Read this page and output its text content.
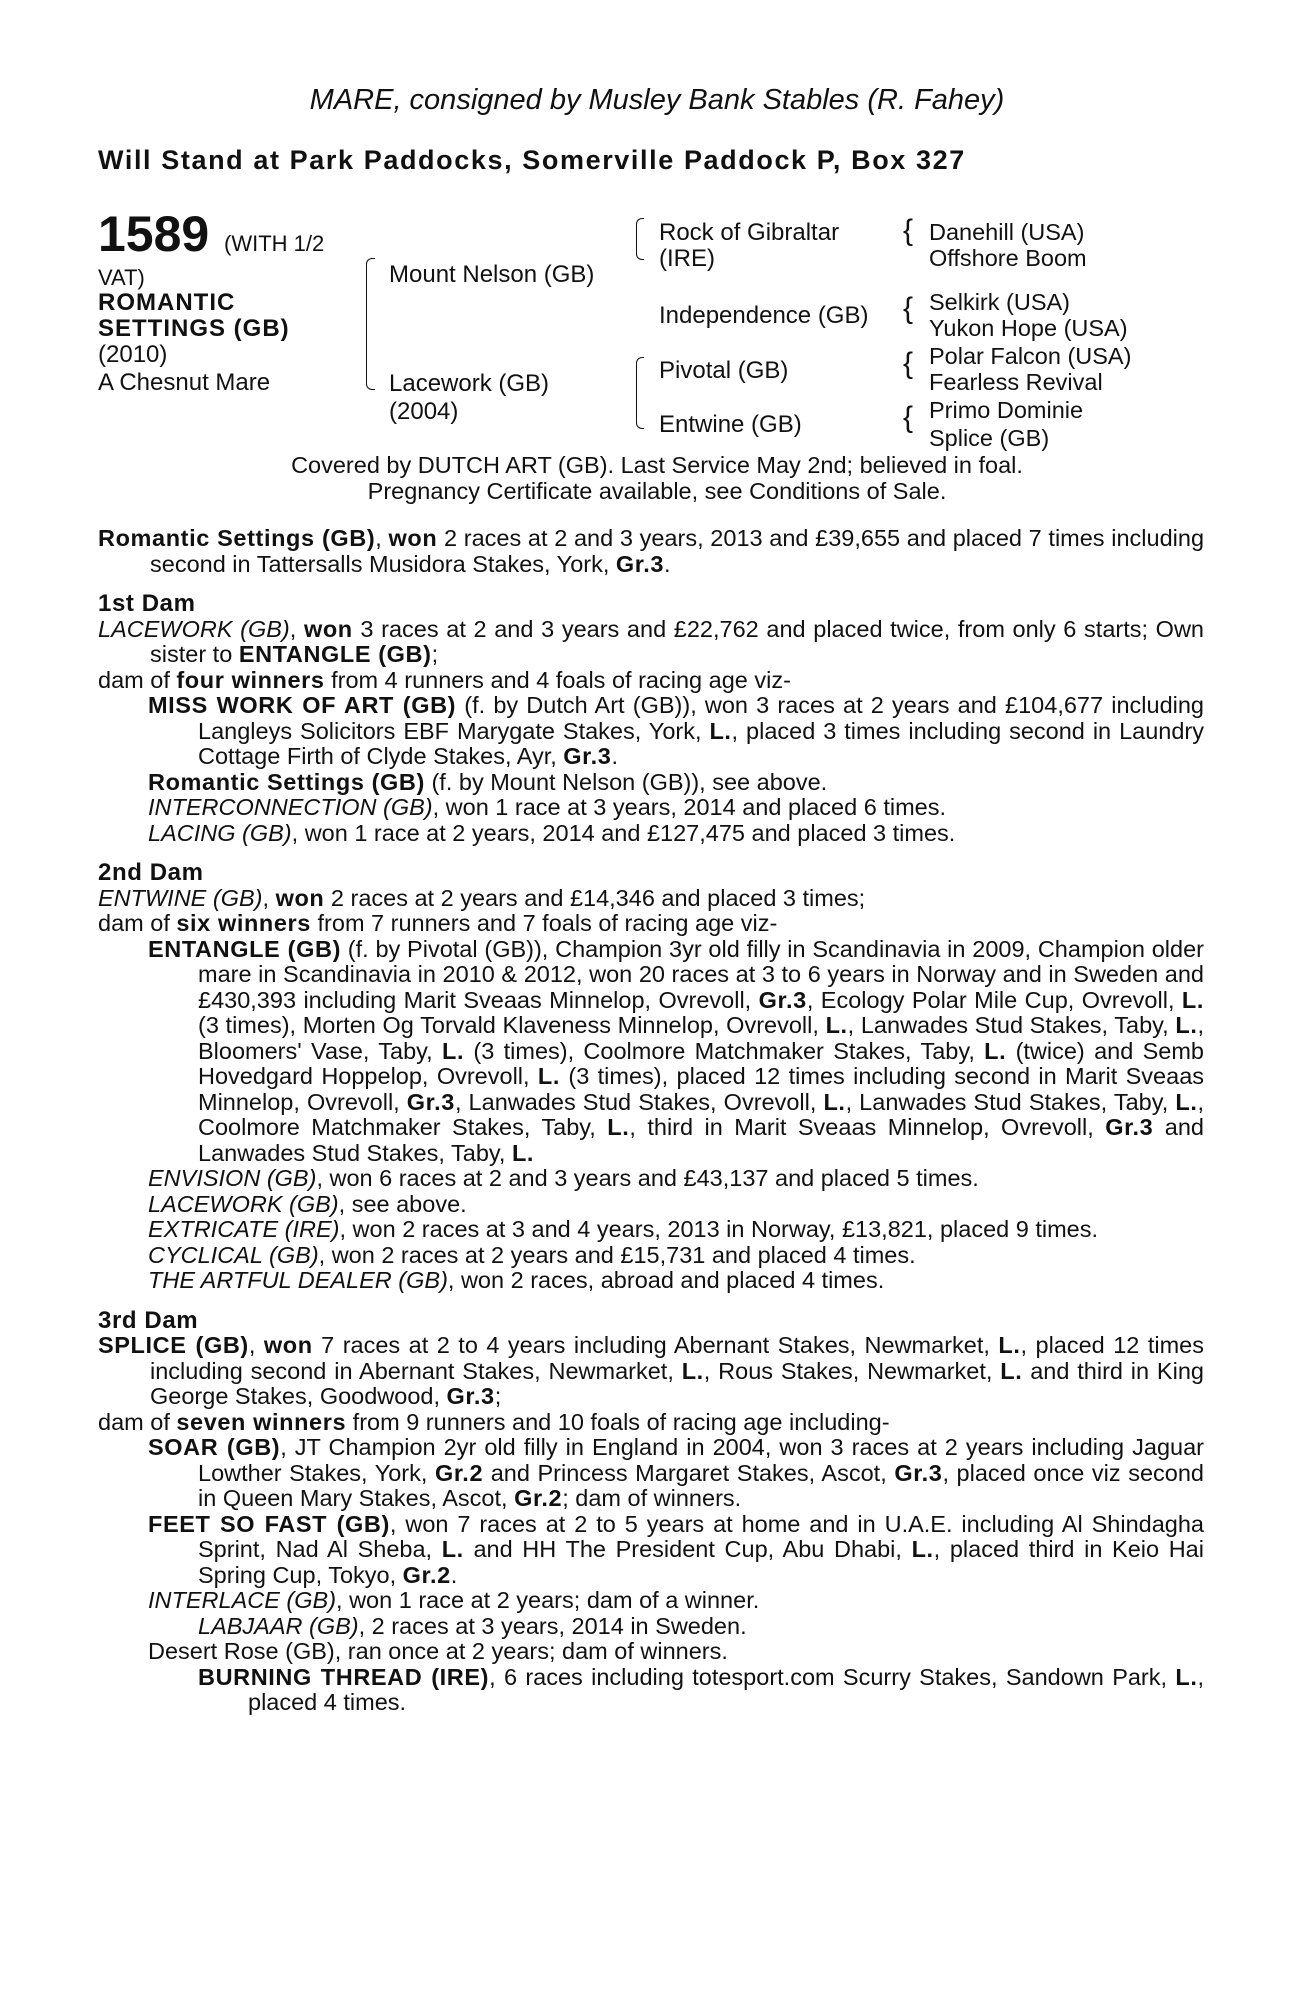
MARE, consigned by Musley Bank Stables (R. Fahey)
Will Stand at Park Paddocks, Somerville Paddock P, Box 327
1589 (WITH 1/2
VAT)
ROMANTIC
SETTINGS (GB)
(2010)
A Chesnut Mare
{
{
{
{
Mount Nelson (GB)
Lacework (GB)
(2004)
Rock of Gibraltar
(IRE)
Independence (GB)
Pivotal (GB)
Entwine (GB)
Danehill (USA)
Offshore Boom
Selkirk (USA)
Yukon Hope (USA)
Polar Falcon (USA)
Fearless Revival
Primo Dominie
Splice (GB)
Covered by DUTCH ART (GB). Last Service May 2nd; believed in foal.
Pregnancy Certificate available, see Conditions of Sale.

Romantic Settings (GB), won 2 races at 2 and 3 years, 2013 and £39,655 and placed 7 times including second in Tattersalls Musidora Stakes, York, Gr.3.

1st Dam

LACEWORK (GB), won 3 races at 2 and 3 years and £22,762 and placed twice, from only 6 starts; Own sister to ENTANGLE (GB);

dam of four winners from 4 runners and 4 foals of racing age viz-

MISS WORK OF ART (GB) (f. by Dutch Art (GB)), won 3 races at 2 years and £104,677 including Langleys Solicitors EBF Marygate Stakes, York, L., placed 3 times including second in Laundry Cottage Firth of Clyde Stakes, Ayr, Gr.3.

Romantic Settings (GB) (f. by Mount Nelson (GB)), see above.

INTERCONNECTION (GB), won 1 race at 3 years, 2014 and placed 6 times.

LACING (GB), won 1 race at 2 years, 2014 and £127,475 and placed 3 times.

2nd Dam

ENTWINE (GB), won 2 races at 2 years and £14,346 and placed 3 times;

dam of six winners from 7 runners and 7 foals of racing age viz-

ENTANGLE (GB) (f. by Pivotal (GB)), Champion 3yr old filly in Scandinavia in 2009, Champion older mare in Scandinavia in 2010 & 2012, won 20 races at 3 to 6 years in Norway and in Sweden and £430,393 including Marit Sveaas Minnelop, Ovrevoll, Gr.3, Ecology Polar Mile Cup, Ovrevoll, L. (3 times), Morten Og Torvald Klaveness Minnelop, Ovrevoll, L., Lanwades Stud Stakes, Taby, L., Bloomers' Vase, Taby, L. (3 times), Coolmore Matchmaker Stakes, Taby, L. (twice) and Semb Hovedgard Hoppelop, Ovrevoll, L. (3 times), placed 12 times including second in Marit Sveaas Minnelop, Ovrevoll, Gr.3, Lanwades Stud Stakes, Ovrevoll, L., Lanwades Stud Stakes, Taby, L., Coolmore Matchmaker Stakes, Taby, L., third in Marit Sveaas Minnelop, Ovrevoll, Gr.3 and Lanwades Stud Stakes, Taby, L.

ENVISION (GB), won 6 races at 2 and 3 years and £43,137 and placed 5 times.

LACEWORK (GB), see above.

EXTRICATE (IRE), won 2 races at 3 and 4 years, 2013 in Norway, £13,821, placed 9 times.

CYCLICAL (GB), won 2 races at 2 years and £15,731 and placed 4 times.

THE ARTFUL DEALER (GB), won 2 races, abroad and placed 4 times.

3rd Dam

SPLICE (GB), won 7 races at 2 to 4 years including Abernant Stakes, Newmarket, L., placed 12 times including second in Abernant Stakes, Newmarket, L., Rous Stakes, Newmarket, L. and third in King George Stakes, Goodwood, Gr.3;

dam of seven winners from 9 runners and 10 foals of racing age including-

SOAR (GB), JT Champion 2yr old filly in England in 2004, won 3 races at 2 years including Jaguar Lowther Stakes, York, Gr.2 and Princess Margaret Stakes, Ascot, Gr.3, placed once viz second in Queen Mary Stakes, Ascot, Gr.2; dam of winners.

FEET SO FAST (GB), won 7 races at 2 to 5 years at home and in U.A.E. including Al Shindagha Sprint, Nad Al Sheba, L. and HH The President Cup, Abu Dhabi, L., placed third in Keio Hai Spring Cup, Tokyo, Gr.2.

INTERLACE (GB), won 1 race at 2 years; dam of a winner.

LABJAAR (GB), 2 races at 3 years, 2014 in Sweden.

Desert Rose (GB), ran once at 2 years; dam of winners.

BURNING THREAD (IRE), 6 races including totesport.com Scurry Stakes, Sandown Park, L., placed 4 times.
